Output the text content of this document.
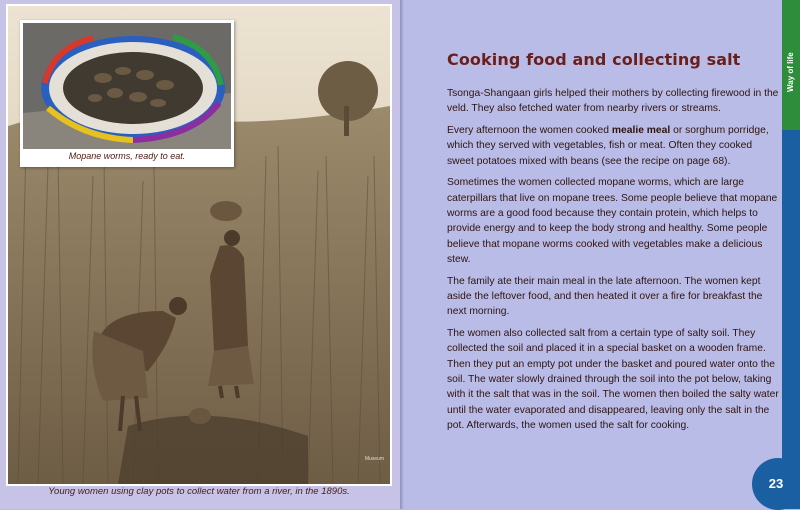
Museum
Young women using clay pots to collect water from a river, in the 1890s.
Mopane worms, ready to eat.
Cooking food and collecting salt

Tsonga-Shangaan girls helped their mothers by collecting firewood in the veld. They also fetched water from nearby rivers or streams.

Every afternoon the women cooked mealie meal or sorghum porridge, which they served with vegetables, fish or meat. Often they cooked sweet potatoes mixed with beans (see the recipe on page 68).

Sometimes the women collected mopane worms, which are large caterpillars that live on mopane trees. Some people believe that mopane worms are a good food because they contain protein, which helps to provide energy and to keep the body strong and healthy. Some people believe that mopane worms cooked with vegetables make a delicious stew.

The family ate their main meal in the late afternoon. The women kept aside the leftover food, and then heated it over a fire for breakfast the next morning.

The women also collected salt from a certain type of salty soil. They collected the soil and placed it in a special basket on a wooden frame. Then they put an empty pot under the basket and poured water onto the soil. The water slowly drained through the soil into the pot below, taking with it the salt that was in the soil. The women then boiled the salty water until the water evaporated and disappeared, leaving only the salt in the pot. Afterwards, the women used the salt for cooking.

Way of life
23
